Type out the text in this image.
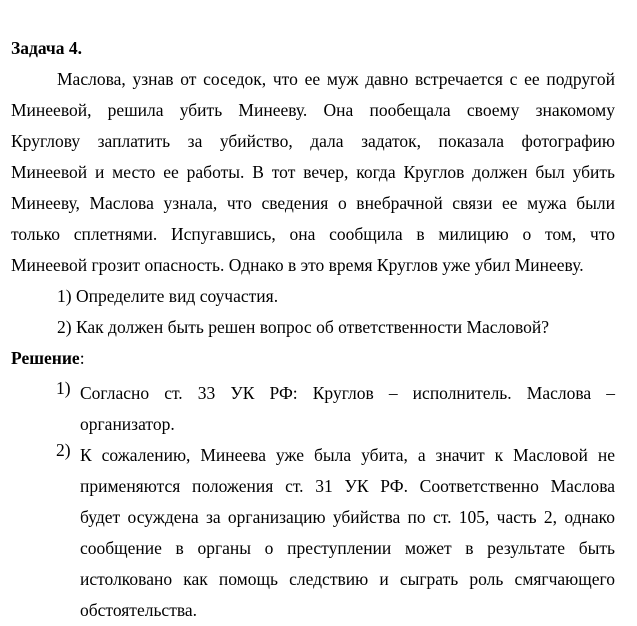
Задача 4.
Маслова, узнав от соседок, что ее муж давно встречается с ее подругой
Минеевой, решила убить Минееву. Она пообещала своему знакомому
Круглову заплатить за убийство, дала задаток, показала фотографию
Минеевой и место ее работы. В тот вечер, когда Круглов должен был убить
Минееву, Маслова узнала, что сведения о внебрачной связи ее мужа были
только сплетнями. Испугавшись, она сообщила в милицию о том, что
Минеевой грозит опасность. Однако в это время Круглов уже убил Минееву.
1) Определите вид соучастия.
2) Как должен быть решен вопрос об ответственности Масловой?
Решение:
1) Согласно ст. 33 УК РФ: Круглов – исполнитель. Маслова –
организатор.
2) К сожалению, Минеева уже была убита, а значит к Масловой не
применяются положения ст. 31 УК РФ. Соответственно Маслова
будет осуждена за организацию убийства по ст. 105, часть 2, однако
сообщение в органы о преступлении может в результате быть
истолковано как помощь следствию и сыграть роль смягчающего
обстоятельства.
